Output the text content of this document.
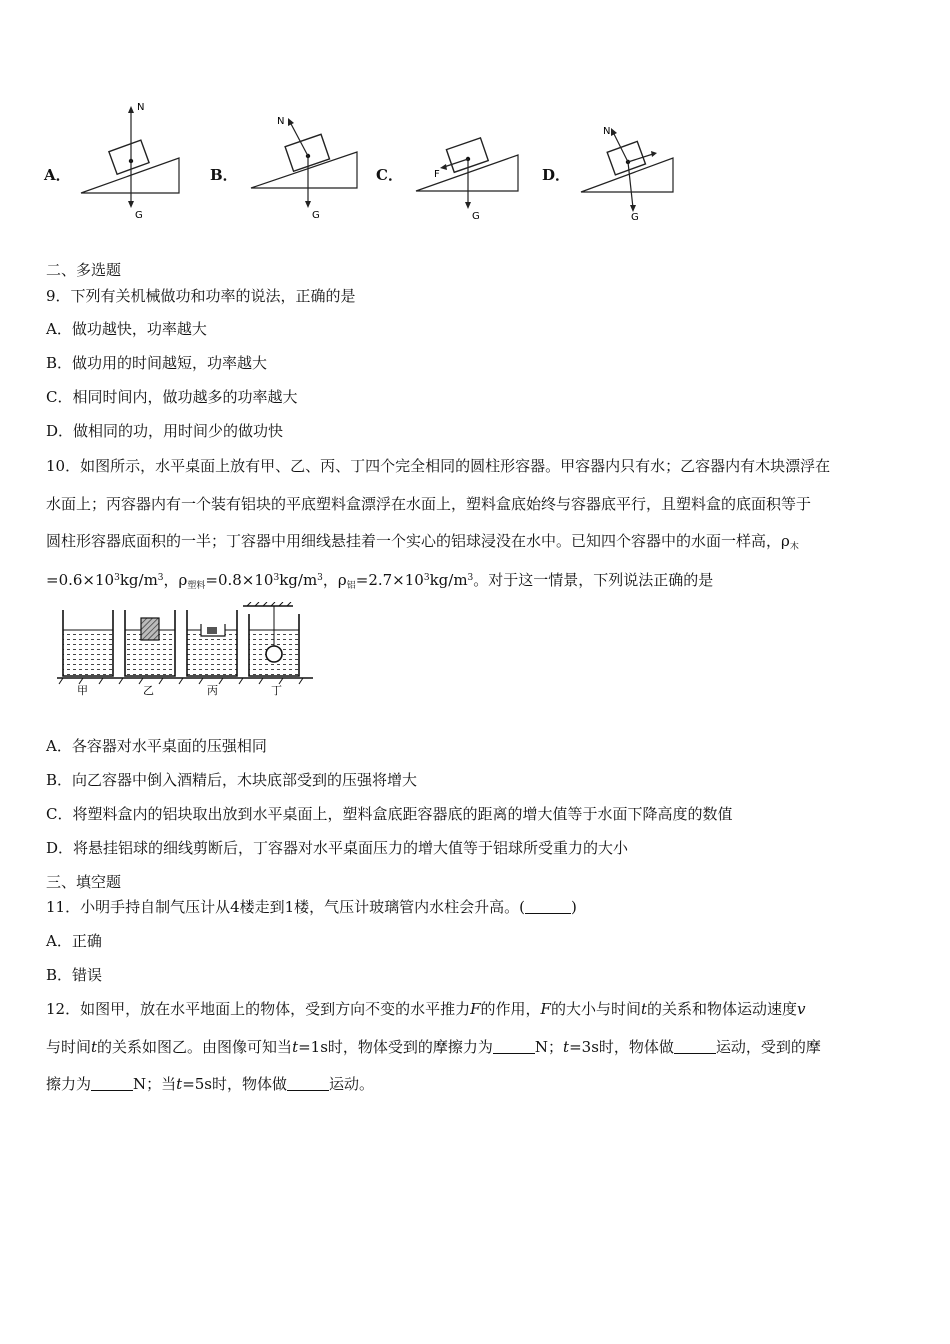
A．
N
G
B．
N
G
C．	F
G
D．
N
G
二、多选题
9．下列有关机械做功和功率的说法，正确的是
A．做功越快，功率越大
B．做功用的时间越短，功率越大
C．相同时间内，做功越多的功率越大
D．做相同的功，用时间少的做功快
10．如图所示，水平桌面上放有甲、乙、丙、丁四个完全相同的圆柱形容器。甲容器内只有水；乙容器内有木块漂浮在
水面上；丙容器内有一个装有铝块的平底塑料盒漂浮在水面上，塑料盒底始终与容器底平行，且塑料盒的底面积等于
圆柱形容器底面积的一半；丁容器中用细线悬挂着一个实心的铝球浸没在水中。已知四个容器中的水面一样高，$\rho_木$
$=0.6\times 10^3kg/m^3$，$\rho_{塑料}=0.8\times 10^3kg/m^3$，$\rho_铝=2.7\times 10^3kg/m^3$。对于这一情景，下列说法正确的是
甲	乙	丙	丁
A．各容器对水平桌面的压强相同
B．向乙容器中倒入酒精后，木块底部受到的压强将增大
C．将塑料盒内的铝块取出放到水平桌面上，塑料盒底距容器底的距离的增大值等于水面下降高度的数值
D．将悬挂铝球的细线剪断后，丁容器对水平桌面压力的增大值等于铝球所受重力的大小
三、填空题
11．小明手持自制气压计从4楼走到1楼，气压计玻璃管内水柱会升高。(	)
A．正确
B．错误
12．如图甲，放在水平地面上的物体，受到方向不变的水平推力F的作用，F的大小与时间t的关系和物体运动速度v
与时间t的关系如图乙。由图像可知当t=1s时，物体受到的摩擦力为	N；t=3s时，物体做	运动，受到的摩
擦力为	N；当t=5s时，物体做	运动。
